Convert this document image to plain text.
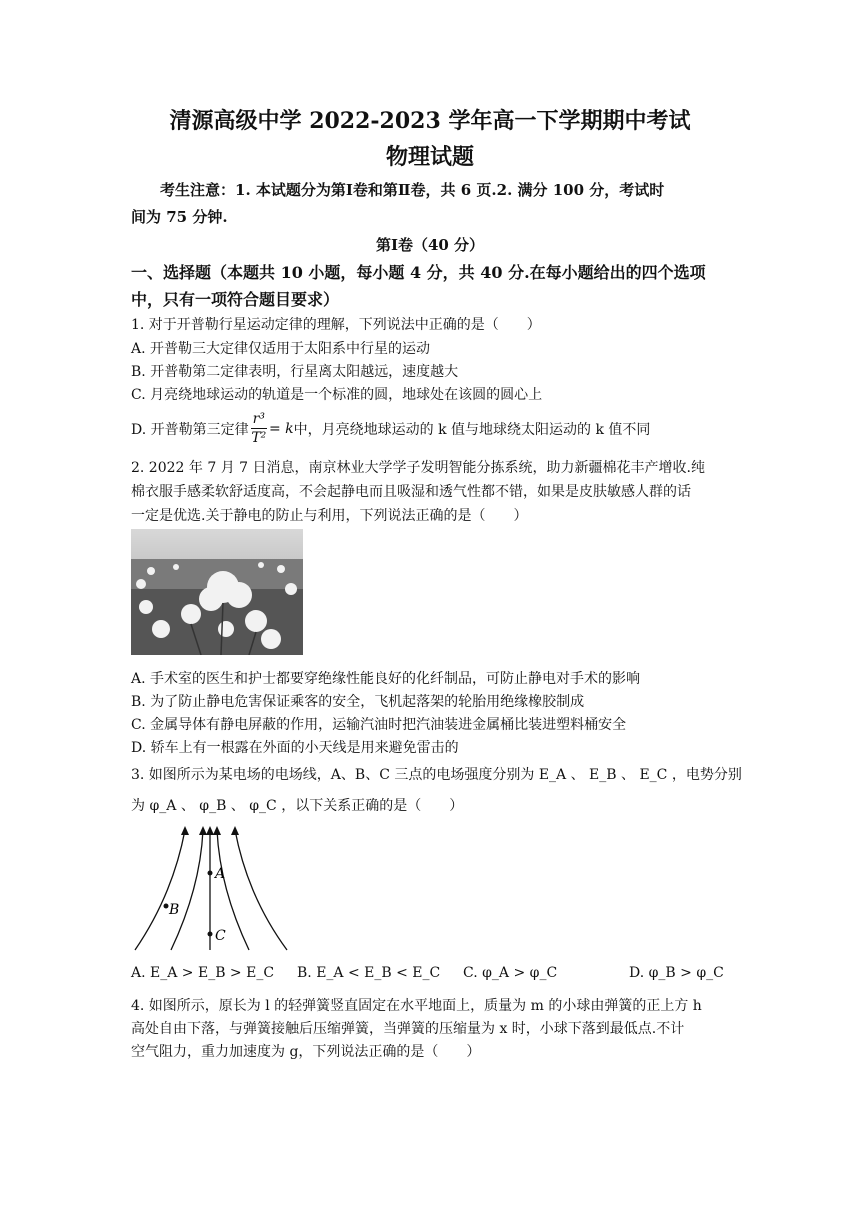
清源高级中学 2022-2023 学年高一下学期期中考试
物理试题
考生注意：1. 本试题分为第Ⅰ卷和第Ⅱ卷，共 6 页.2. 满分 100 分，考试时
间为 75 分钟.
第Ⅰ卷（40 分）
一、选择题（本题共 10 小题，每小题 4 分，共 40 分.在每小题给出的四个选项
中，只有一项符合题目要求）
1. 对于开普勒行星运动定律的理解，下列说法中正确的是（　　）
A. 开普勒三大定律仅适用于太阳系中行星的运动
B. 开普勒第二定律表明，行星离太阳越远，速度越大
C. 月亮绕地球运动的轨道是一个标准的圆，地球处在该圆的圆心上
D. 开普勒第三定律 $\frac{\text{r³}}{\text{T²}} = k$ 中，月亮绕地球运动的 k 值与地球绕太阳运动的 k 值不同
2. 2022 年 7 月 7 日消息，南京林业大学学子发明智能分拣系统，助力新疆棉花丰产增收.纯
棉衣服手感柔软舒适度高，不会起静电而且吸湿和透气性都不错，如果是皮肤敏感人群的话
一定是优选.关于静电的防止与利用，下列说法正确的是（　　）
A. 手术室的医生和护士都要穿绝缘性能良好的化纤制品，可防止静电对手术的影响
B. 为了防止静电危害保证乘客的安全，飞机起落架的轮胎用绝缘橡胶制成
C. 金属导体有静电屏蔽的作用，运输汽油时把汽油装进金属桶比装进塑料桶安全
D. 轿车上有一根露在外面的小天线是用来避免雷击的
3. 如图所示为某电场的电场线，A、B、C 三点的电场强度分别为 E_A 、 E_B 、 E_C ，电势分别
为 φ_A 、 φ_B 、 φ_C ，以下关系正确的是（　　）
A
B
C
A. E_A > E_B > E_C B. E_A < E_B < E_C C. φ_A > φ_C	D. φ_B > φ_C
4. 如图所示，原长为 l 的轻弹簧竖直固定在水平地面上，质量为 m 的小球由弹簧的正上方 h
高处自由下落，与弹簧接触后压缩弹簧，当弹簧的压缩量为 x 时，小球下落到最低点.不计
空气阻力，重力加速度为 g，下列说法正确的是（　　）
